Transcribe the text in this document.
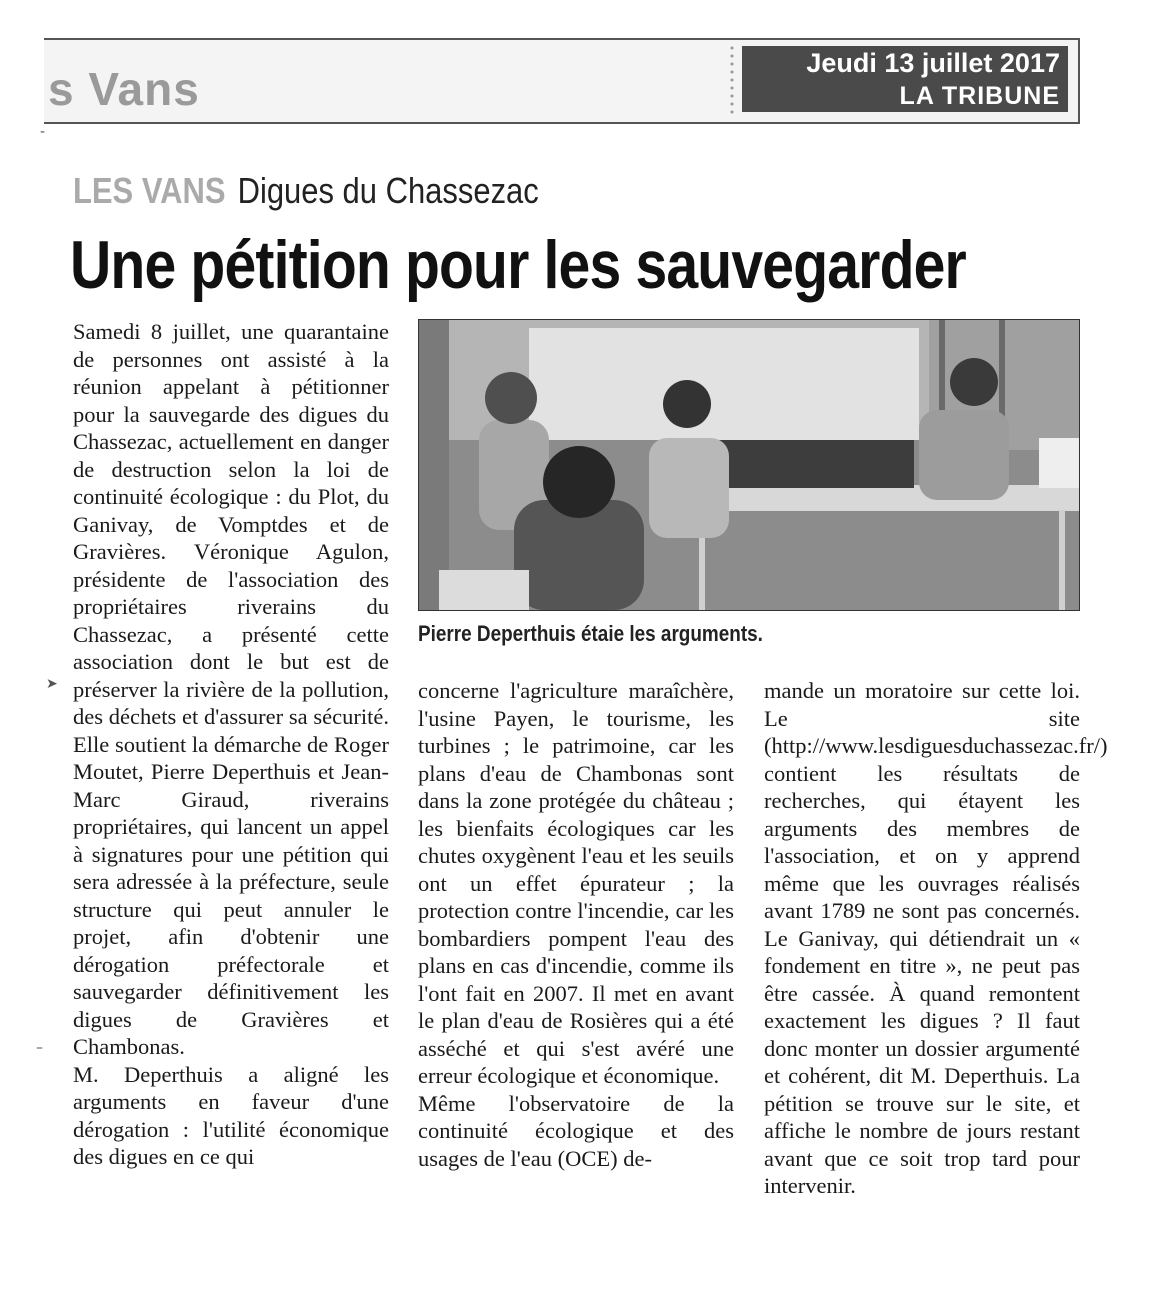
s Vans	Jeudi 13 juillet 2017
LA TRIBUNE
LES VANS Digues du Chassezac
Une pétition pour les sauvegarder

Samedi 8 juillet, une quarantaine de personnes ont assisté à la réunion appelant à pétitionner pour la sauvegarde des digues du Chassezac, actuellement en danger de destruction selon la loi de continuité écologique : du Plot, du Ganivay, de Vomptdes et de Gravières. Véronique Agulon, présidente de l'association des propriétaires riverains du Chassezac, a présenté cette association dont le but est de préserver la rivière de la pollution, des déchets et d'assurer sa sécurité. Elle soutient la démarche de Roger Moutet, Pierre Deperthuis et Jean-Marc Giraud, riverains propriétaires, qui lancent un appel à signatures pour une pétition qui sera adressée à la préfecture, seule structure qui peut annuler le projet, afin d'obtenir une dérogation préfectorale et sauvegarder définitivement les digues de Gravières et Chambonas.

M. Deperthuis a aligné les arguments en faveur d'une dérogation : l'utilité économique des digues en ce qui

Pierre Deperthuis étaie les arguments.

concerne l'agriculture maraîchère, l'usine Payen, le tourisme, les turbines ; le patrimoine, car les plans d'eau de Chambonas sont dans la zone protégée du château ; les bienfaits écologiques car les chutes oxygènent l'eau et les seuils ont un effet épurateur ; la protection contre l'incendie, car les bombardiers pompent l'eau des plans en cas d'incendie, comme ils l'ont fait en 2007. Il met en avant le plan d'eau de Rosières qui a été asséché et qui s'est avéré une erreur écologique et économique.

Même l'observatoire de la continuité écologique et des usages de l'eau (OCE) de-

mande un moratoire sur cette loi. Le site (http://www.lesdiguesduchassezac.fr/) contient les résultats de recherches, qui étayent les arguments des membres de l'association, et on y apprend même que les ouvrages réalisés avant 1789 ne sont pas concernés. Le Ganivay, qui détiendrait un « fondement en titre », ne peut pas être cassée. À quand remontent exactement les digues ? Il faut donc monter un dossier argumenté et cohérent, dit M. Deperthuis. La pétition se trouve sur le site, et affiche le nombre de jours restant avant que ce soit trop tard pour intervenir.

➤
–
-
